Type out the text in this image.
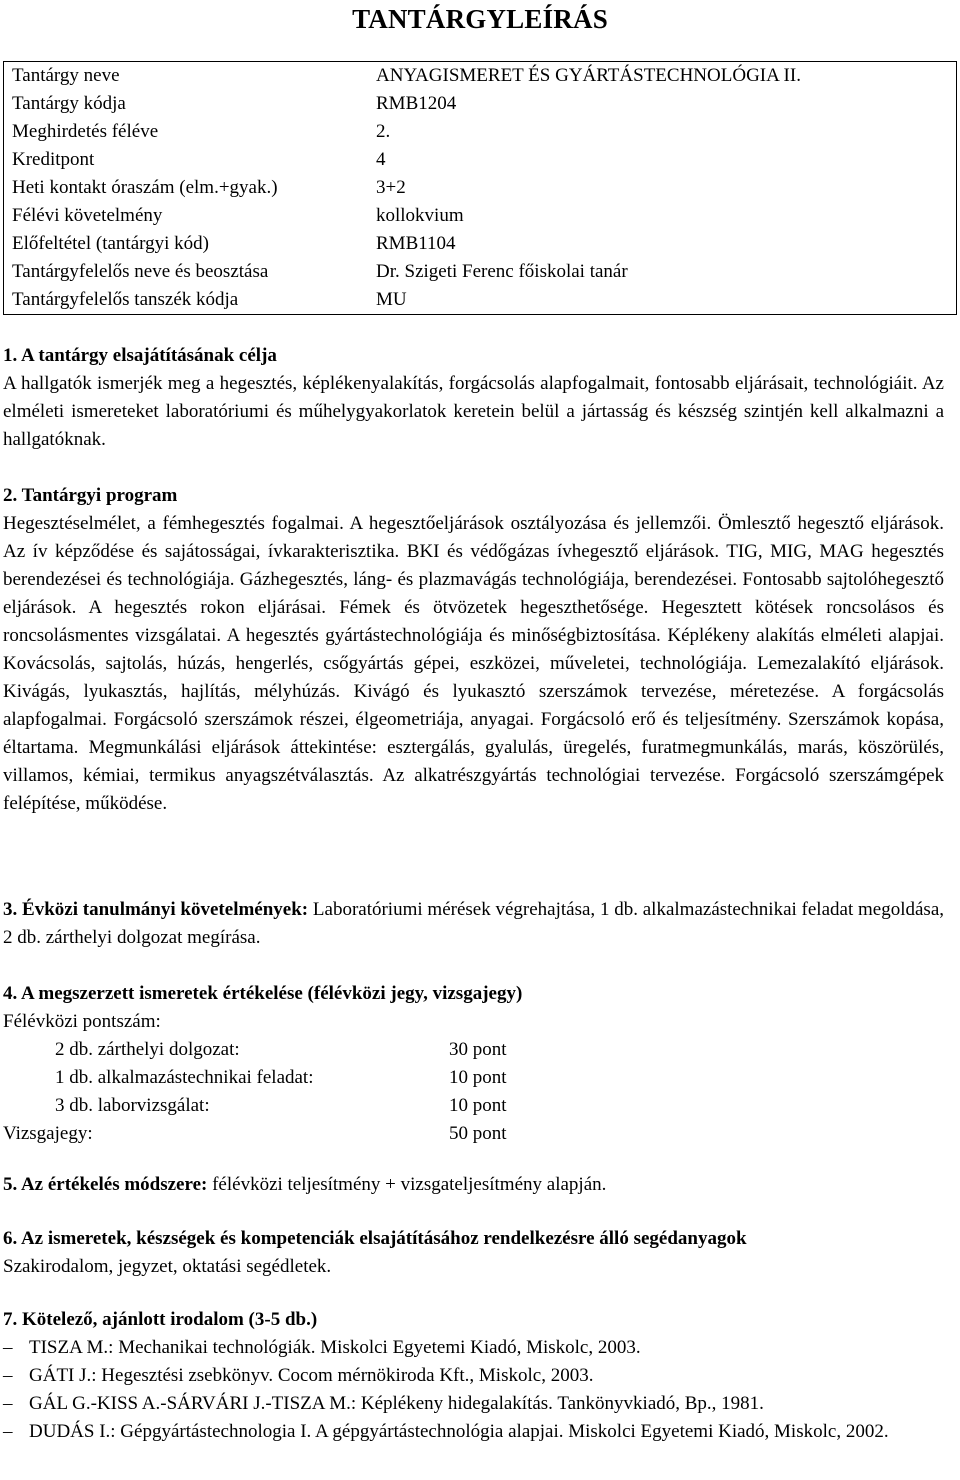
TANTÁRGYLEÍRÁS
Tantárgy neve	ANYAGISMERET ÉS GYÁRTÁSTECHNOLÓGIA II.
Tantárgy kódja	RMB1204
Meghirdetés féléve	2.
Kreditpont	4
Heti kontakt óraszám (elm.+gyak.)	3+2
Félévi követelmény	kollokvium
Előfeltétel (tantárgyi kód)	RMB1104
Tantárgyfelelős neve és beosztása	Dr. Szigeti Ferenc főiskolai tanár
Tantárgyfelelős tanszék kódja	MU
1. A tantárgy elsajátításának célja

A hallgatók ismerjék meg a hegesztés, képlékenyalakítás, forgácsolás alapfogalmait, fontosabb eljárásait, technológiáit. Az elméleti ismereteket laboratóriumi és műhelygyakorlatok keretein belül a jártasság és készség szintjén kell alkalmazni a hallgatóknak.

2. Tantárgyi program

Hegesztéselmélet, a fémhegesztés fogalmai. A hegesztőeljárások osztályozása és jellemzői. Ömlesztő hegesztő eljárások. Az ív képződése és sajátosságai, ívkarakterisztika. BKI és védőgázas ívhegesztő eljárások. TIG, MIG, MAG hegesztés berendezései és technológiája. Gázhegesztés, láng- és plazmavágás technológiája, berendezései. Fontosabb sajtolóhegesztő eljárások. A hegesztés rokon eljárásai. Fémek és ötvözetek hegeszthetősége. Hegesztett kötések roncsolásos és roncsolásmentes vizsgálatai. A hegesztés gyártástechnológiája és minőségbiztosítása. Képlékeny alakítás elméleti alapjai. Kovácsolás, sajtolás, húzás, hengerlés, csőgyártás gépei, eszközei, műveletei, technológiája. Lemezalakító eljárások. Kivágás, lyukasztás, hajlítás, mélyhúzás. Kivágó és lyukasztó szerszámok tervezése, méretezése. A forgácsolás alapfogalmai. Forgácsoló szerszámok részei, élgeometriája, anyagai. Forgácsoló erő és teljesítmény. Szerszámok kopása, éltartama. Megmunkálási eljárások áttekintése: esztergálás, gyalulás, üregelés, furatmegmunkálás, marás, köszörülés, villamos, kémiai, termikus anyagszétválasztás. Az alkatrészgyártás technológiai tervezése. Forgácsoló szerszámgépek felépítése, működése.

3. Évközi tanulmányi követelmények: Laboratóriumi mérések végrehajtása, 1 db. alkalmazástechnikai feladat megoldása, 2 db. zárthelyi dolgozat megírása.

4. A megszerzett ismeretek értékelése (félévközi jegy, vizsgajegy)
Félévközi pontszám:
2 db. zárthelyi dolgozat:	30 pont
1 db. alkalmazástechnikai feladat:	10 pont
3 db. laborvizsgálat:	10 pont
Vizsgajegy:	50 pont

5. Az értékelés módszere: félévközi teljesítmény + vizsgateljesítmény alapján.

6. Az ismeretek, készségek és kompetenciák elsajátításához rendelkezésre álló segédanyagok

Szakirodalom, jegyzet, oktatási segédletek.

7. Kötelező, ajánlott irodalom (3-5 db.)
– TISZA M.: Mechanikai technológiák. Miskolci Egyetemi Kiadó, Miskolc, 2003.
– GÁTI J.: Hegesztési zsebkönyv. Cocom mérnökiroda Kft., Miskolc, 2003.
– GÁL G.-KISS A.-SÁRVÁRI J.-TISZA M.: Képlékeny hidegalakítás. Tankönyvkiadó, Bp., 1981.
– DUDÁS I.: Gépgyártástechnologia I. A gépgyártástechnológia alapjai. Miskolci Egyetemi Kiadó, Miskolc, 2002.
